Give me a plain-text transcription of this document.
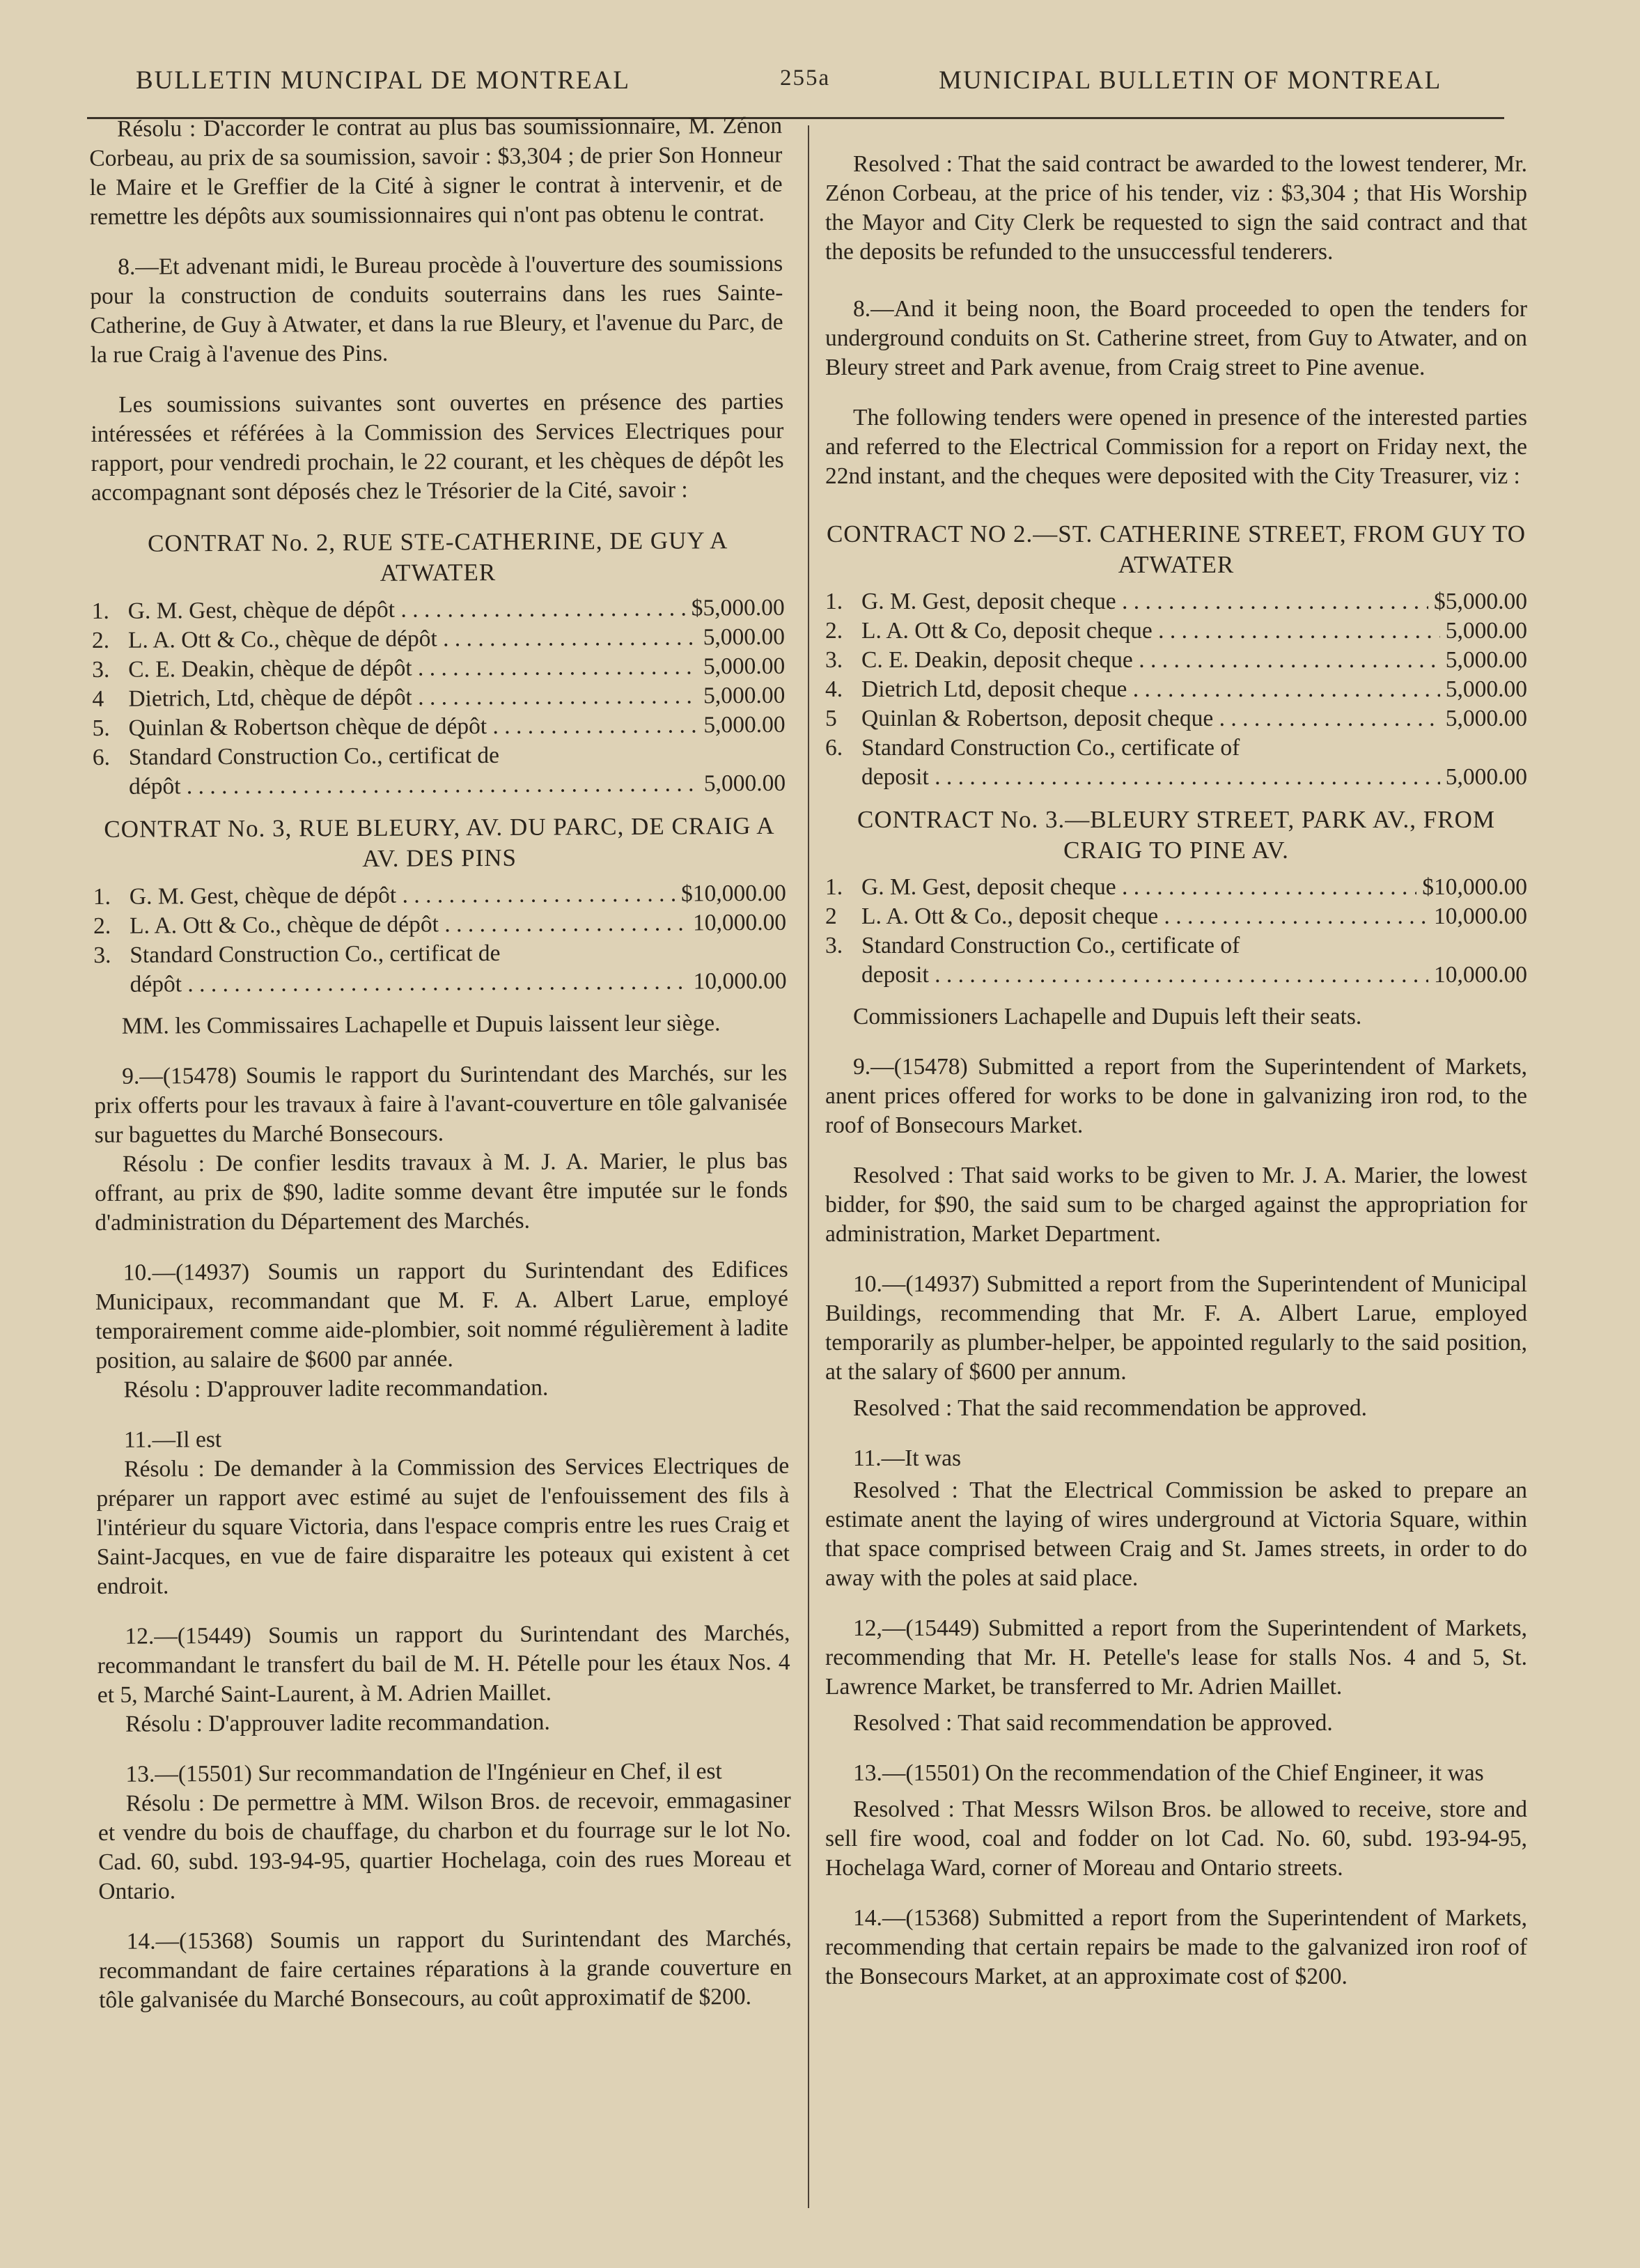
BULLETIN MUNCIPAL DE MONTREAL	255a	MUNICIPAL BULLETIN OF MONTREAL

Résolu : D'accorder le contrat au plus bas soumissionnaire, M. Zénon Corbeau, au prix de sa soumission, savoir : $3,304 ; de prier Son Honneur le Maire et le Greffier de la Cité à signer le contrat à intervenir, et de remettre les dépôts aux soumissionnaires qui n'ont pas obtenu le contrat.

8.—Et advenant midi, le Bureau procède à l'ouverture des soumissions pour la construction de conduits souterrains dans les rues Sainte-Catherine, de Guy à Atwater, et dans la rue Bleury, et l'avenue du Parc, de la rue Craig à l'avenue des Pins.

Les soumissions suivantes sont ouvertes en présence des parties intéressées et référées à la Commission des Services Electriques pour rapport, pour vendredi prochain, le 22 courant, et les chèques de dépôt les accompagnant sont déposés chez le Trésorier de la Cité, savoir :

CONTRAT No. 2, RUE STE-CATHERINE, DE GUY A ATWATER
1. G. M. Gest, chèque de dépôt . . .	$5,000.00
2. L. A. Ott & Co., chèque de dépôt . . .	5,000.00
3. C. E. Deakin, chèque de dépôt . . .	5,000.00
4	Dietrich, Ltd, chèque de dépôt . . .	5,000.00
5. Quinlan & Robertson chèque de dépôt . . .	5,000.00
6. Standard Construction Co., certificat de
dépôt . . .	5,000.00
CONTRAT No. 3, RUE BLEURY, AV. DU PARC, DE CRAIG A AV. DES PINS
1. G. M. Gest, chèque de dépôt . . .	$10,000.00
2. L. A. Ott & Co., chèque de dépôt . . .	10,000.00
3. Standard Construction Co., certificat de
dépôt . . .	10,000.00

MM. les Commissaires Lachapelle et Dupuis laissent leur siège.

9.—(15478) Soumis le rapport du Surintendant des Marchés, sur les prix offerts pour les travaux à faire à l'avant-couverture en tôle galvanisée sur baguettes du Marché Bonsecours.

Résolu : De confier lesdits travaux à M. J. A. Marier, le plus bas offrant, au prix de $90, ladite somme devant être imputée sur le fonds d'administration du Département des Marchés.

10.—(14937) Soumis un rapport du Surintendant des Edifices Municipaux, recommandant que M. F. A. Albert Larue, employé temporairement comme aide-plombier, soit nommé régulièrement à ladite position, au salaire de $600 par année.

Résolu : D'approuver ladite recommandation.

11.—Il est

Résolu : De demander à la Commission des Services Electriques de préparer un rapport avec estimé au sujet de l'enfouissement des fils à l'intérieur du square Victoria, dans l'espace compris entre les rues Craig et Saint-Jacques, en vue de faire disparaitre les poteaux qui existent à cet endroit.

12.—(15449) Soumis un rapport du Surintendant des Marchés, recommandant le transfert du bail de M. H. Pételle pour les étaux Nos. 4 et 5, Marché Saint-Laurent, à M. Adrien Maillet.

Résolu : D'approuver ladite recommandation.

13.—(15501) Sur recommandation de l'Ingénieur en Chef, il est

Résolu : De permettre à MM. Wilson Bros. de recevoir, emmagasiner et vendre du bois de chauffage, du charbon et du fourrage sur le lot No. Cad. 60, subd. 193-94-95, quartier Hochelaga, coin des rues Moreau et Ontario.

14.—(15368) Soumis un rapport du Surintendant des Marchés, recommandant de faire certaines réparations à la grande couverture en tôle galvanisée du Marché Bonsecours, au coût approximatif de $200.

Resolved : That the said contract be awarded to the lowest tenderer, Mr. Zénon Corbeau, at the price of his tender, viz : $3,304 ; that His Worship the Mayor and City Clerk be requested to sign the said contract and that the deposits be refunded to the unsuccessful tenderers.

8.—And it being noon, the Board proceeded to open the tenders for underground conduits on St. Catherine street, from Guy to Atwater, and on Bleury street and Park avenue, from Craig street to Pine avenue.

The following tenders were opened in presence of the interested parties and referred to the Electrical Commission for a report on Friday next, the 22nd instant, and the cheques were deposited with the City Treasurer, viz :

CONTRACT NO 2.—ST. CATHERINE STREET, FROM GUY TO ATWATER
1. G. M. Gest, deposit cheque . . .	$5,000.00
2. L. A. Ott & Co, deposit cheque . . .	5,000.00
3. C. E. Deakin, deposit cheque . . .	5,000.00
4. Dietrich Ltd, deposit cheque . . .	5,000.00
5	Quinlan & Robertson, deposit cheque . . .	5,000.00
6. Standard Construction Co., certificate of
deposit . . .	5,000.00
CONTRACT No. 3.—BLEURY STREET, PARK AV., FROM CRAIG TO PINE AV.
1. G. M. Gest, deposit cheque . . .	$10,000.00
2	L. A. Ott & Co., deposit cheque . . .	10,000.00
3. Standard Construction Co., certificate of
deposit . . .	10,000.00

Commissioners Lachapelle and Dupuis left their seats.

9.—(15478) Submitted a report from the Superintendent of Markets, anent prices offered for works to be done in galvanizing iron rod, to the roof of Bonsecours Market.

Resolved : That said works to be given to Mr. J. A. Marier, the lowest bidder, for $90, the said sum to be charged against the appropriation for administration, Market Department.

10.—(14937) Submitted a report from the Superintendent of Municipal Buildings, recommending that Mr. F. A. Albert Larue, employed temporarily as plumber-helper, be appointed regularly to the said position, at the salary of $600 per annum.

Resolved : That the said recommendation be approved.

11.—It was

Resolved : That the Electrical Commission be asked to prepare an estimate anent the laying of wires underground at Victoria Square, within that space comprised between Craig and St. James streets, in order to do away with the poles at said place.

12,—(15449) Submitted a report from the Superintendent of Markets, recommending that Mr. H. Petelle's lease for stalls Nos. 4 and 5, St. Lawrence Market, be transferred to Mr. Adrien Maillet.

Resolved : That said recommendation be approved.

13.—(15501) On the recommendation of the Chief Engineer, it was

Resolved : That Messrs Wilson Bros. be allowed to receive, store and sell fire wood, coal and fodder on lot Cad. No. 60, subd. 193-94-95, Hochelaga Ward, corner of Moreau and Ontario streets.

14.—(15368) Submitted a report from the Superintendent of Markets, recommending that certain repairs be made to the galvanized iron roof of the Bonsecours Market, at an approximate cost of $200.
